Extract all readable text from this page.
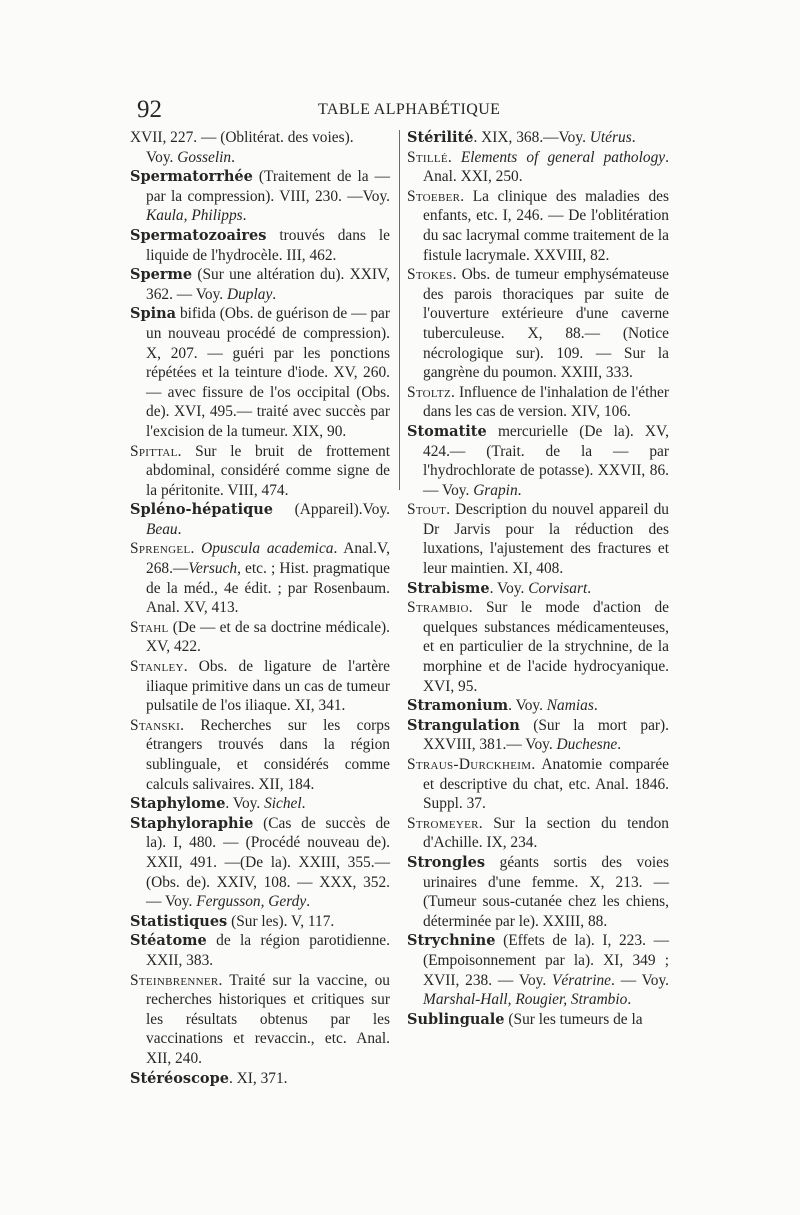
92	TABLE ALPHABÉTIQUE
XVII, 227. — (Oblitérat. des voies).
Voy. Gosselin.
Spermatorrhée (Traitement de la — par la compression). VIII, 230. —Voy. Kaula, Philipps.
Spermatozoaires trouvés dans le liquide de l'hydrocèle. III, 462.
Sperme (Sur une altération du). XXIV, 362. — Voy. Duplay.
Spina bifida (Obs. de guérison de — par un nouveau procédé de compression). X, 207. — guéri par les ponctions répétées et la teinture d'iode. XV, 260. — avec fissure de l'os occipital (Obs. de). XVI, 495.— traité avec succès par l'excision de la tumeur. XIX, 90.
Spittal. Sur le bruit de frottement abdominal, considéré comme signe de la péritonite. VIII, 474.
Spléno-hépatique (Appareil).Voy. Beau.
Sprengel. Opuscula academica. Anal.V, 268.—Versuch, etc. ; Hist. pragmatique de la méd., 4e édit. ; par Rosenbaum. Anal. XV, 413.
Stahl (De — et de sa doctrine médicale). XV, 422.
Stanley. Obs. de ligature de l'artère iliaque primitive dans un cas de tumeur pulsatile de l'os iliaque. XI, 341.
Stanski. Recherches sur les corps étrangers trouvés dans la région sublinguale, et considérés comme calculs salivaires. XII, 184.
Staphylome. Voy. Sichel.
Staphyloraphie (Cas de succès de la). I, 480. — (Procédé nouveau de). XXII, 491. —(De la). XXIII, 355.— (Obs. de). XXIV, 108. — XXX, 352. — Voy. Fergusson, Gerdy.
Statistiques (Sur les). V, 117.
Stéatome de la région parotidienne. XXII, 383.
Steinbrenner. Traité sur la vaccine, ou recherches historiques et critiques sur les résultats obtenus par les vaccinations et revaccin., etc. Anal. XII, 240.
Stéréoscope. XI, 371.
Stérilité. XIX, 368.—Voy. Utérus.
Stillé. Elements of general pathology. Anal. XXI, 250.
Stoeber. La clinique des maladies des enfants, etc. I, 246. — De l'oblitération du sac lacrymal comme traitement de la fistule lacrymale. XXVIII, 82.
Stokes. Obs. de tumeur emphysémateuse des parois thoraciques par suite de l'ouverture extérieure d'une caverne tuberculeuse. X, 88.— (Notice nécrologique sur). 109. — Sur la gangrène du poumon. XXIII, 333.
Stoltz. Influence de l'inhalation de l'éther dans les cas de version. XIV, 106.
Stomatite mercurielle (De la). XV, 424.— (Trait. de la — par l'hydrochlorate de potasse). XXVII, 86.— Voy. Grapin.
Stout. Description du nouvel appareil du Dr Jarvis pour la réduction des luxations, l'ajustement des fractures et leur maintien. XI, 408.
Strabisme. Voy. Corvisart.
Strambio. Sur le mode d'action de quelques substances médicamenteuses, et en particulier de la strychnine, de la morphine et de l'acide hydrocyanique. XVI, 95.
Stramonium. Voy. Namias.
Strangulation (Sur la mort par). XXVIII, 381.— Voy. Duchesne.
Straus-Durckheim. Anatomie comparée et descriptive du chat, etc. Anal. 1846. Suppl. 37.
Stromeyer. Sur la section du tendon d'Achille. IX, 234.
Strongles géants sortis des voies urinaires d'une femme. X, 213. — (Tumeur sous-cutanée chez les chiens, déterminée par le). XXIII, 88.
Strychnine (Effets de la). I, 223. — (Empoisonnement par la). XI, 349 ; XVII, 238. — Voy. Vératrine. — Voy. Marshal-Hall, Rougier, Strambio.
Sublinguale (Sur les tumeurs de la
